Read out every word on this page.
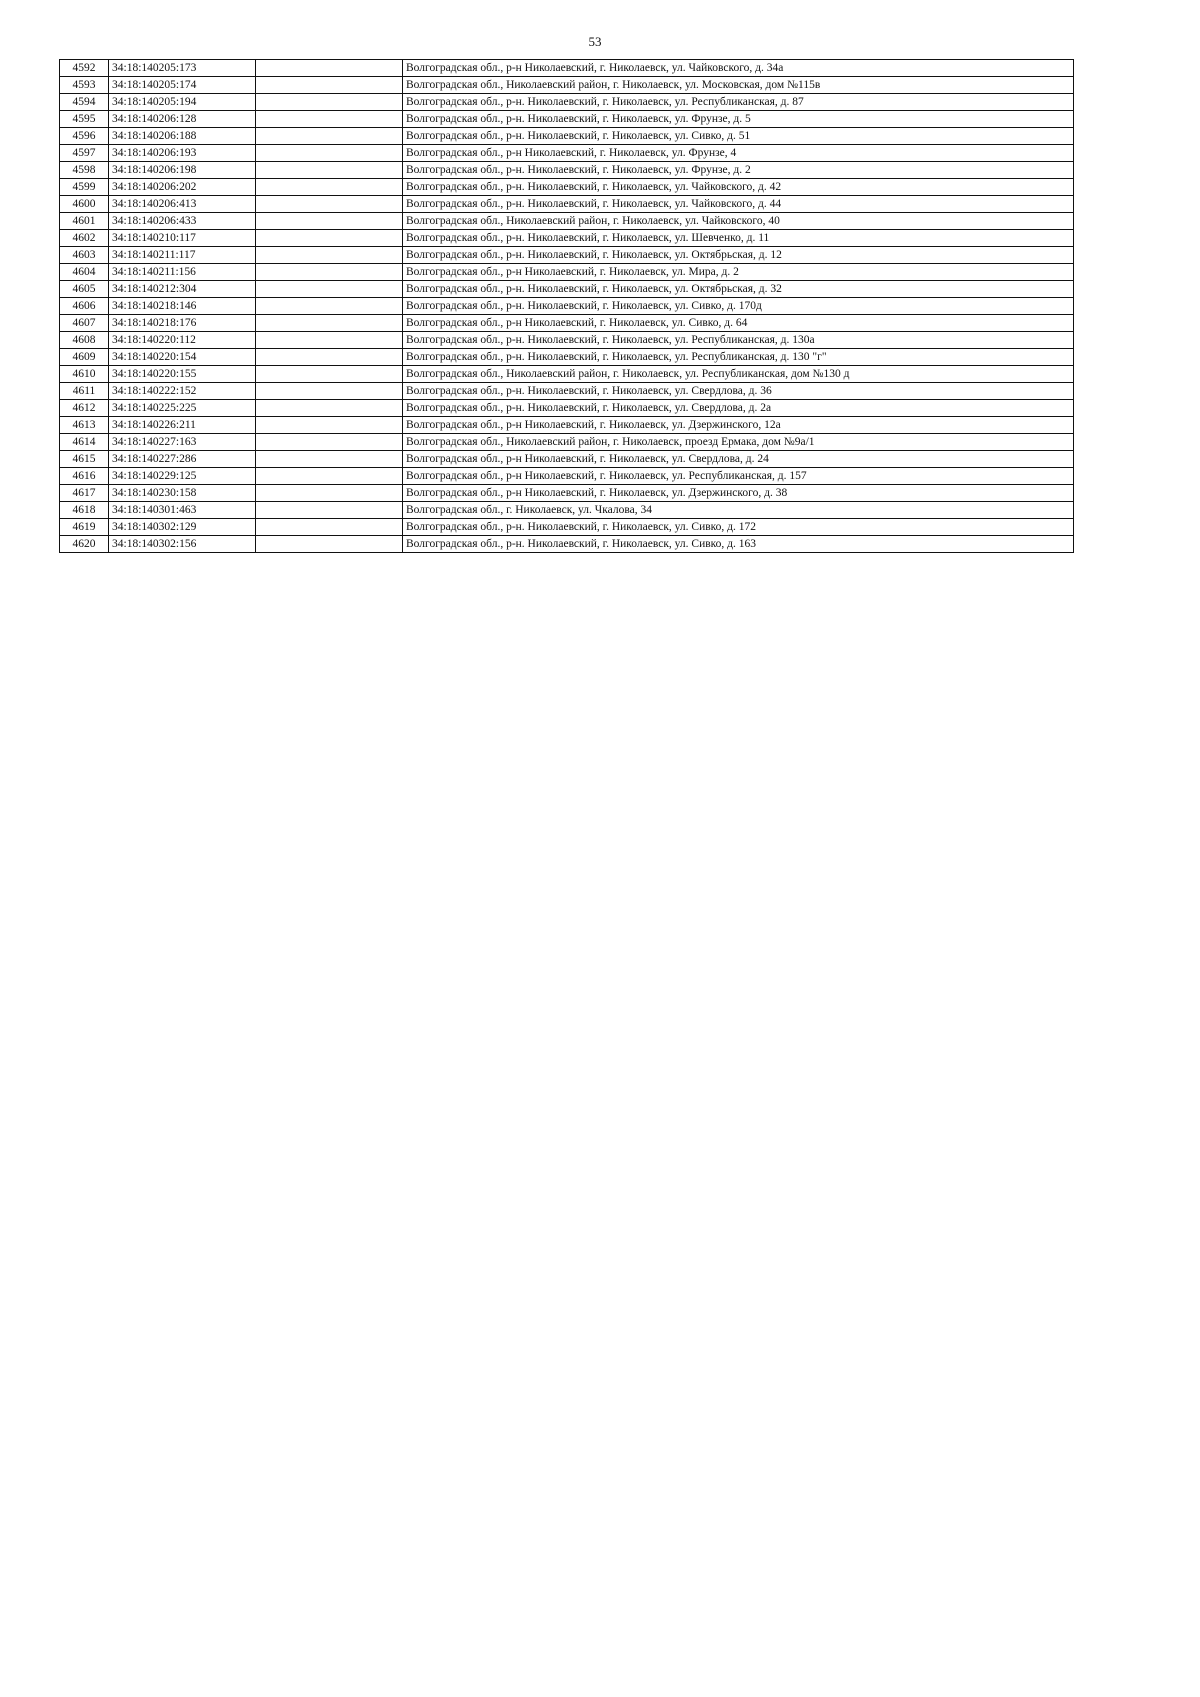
53
4592	34:18:140205:173		Волгоградская обл., р-н Николаевский, г. Николаевск, ул. Чайковского, д. 34а
4593	34:18:140205:174		Волгоградская обл., Николаевский район, г. Николаевск, ул. Московская, дом №115в
4594	34:18:140205:194		Волгоградская обл., р-н. Николаевский, г. Николаевск, ул. Республиканская, д. 87
4595	34:18:140206:128		Волгоградская обл., р-н. Николаевский, г. Николаевск, ул. Фрунзе, д. 5
4596	34:18:140206:188		Волгоградская обл., р-н. Николаевский, г. Николаевск, ул. Сивко, д. 51
4597	34:18:140206:193		Волгоградская обл., р-н Николаевский, г. Николаевск, ул. Фрунзе, 4
4598	34:18:140206:198		Волгоградская обл., р-н. Николаевский, г. Николаевск, ул. Фрунзе, д. 2
4599	34:18:140206:202		Волгоградская обл., р-н. Николаевский, г. Николаевск, ул. Чайковского, д. 42
4600	34:18:140206:413		Волгоградская обл., р-н. Николаевский, г. Николаевск, ул. Чайковского, д. 44
4601	34:18:140206:433		Волгоградская обл., Николаевский район, г. Николаевск, ул. Чайковского, 40
4602	34:18:140210:117		Волгоградская обл., р-н. Николаевский, г. Николаевск, ул. Шевченко, д. 11
4603	34:18:140211:117		Волгоградская обл., р-н. Николаевский, г. Николаевск, ул. Октябрьская, д. 12
4604	34:18:140211:156		Волгоградская обл., р-н Николаевский, г. Николаевск, ул. Мира, д. 2
4605	34:18:140212:304		Волгоградская обл., р-н. Николаевский, г. Николаевск, ул. Октябрьская, д. 32
4606	34:18:140218:146		Волгоградская обл., р-н. Николаевский, г. Николаевск, ул. Сивко, д. 170д
4607	34:18:140218:176		Волгоградская обл., р-н Николаевский, г. Николаевск, ул. Сивко, д. 64
4608	34:18:140220:112		Волгоградская обл., р-н. Николаевский, г. Николаевск, ул. Республиканская, д. 130а
4609	34:18:140220:154		Волгоградская обл., р-н. Николаевский, г. Николаевск, ул. Республиканская, д. 130 "г"
4610	34:18:140220:155		Волгоградская обл., Николаевский район, г. Николаевск, ул. Республиканская, дом №130 д
4611	34:18:140222:152		Волгоградская обл., р-н. Николаевский, г. Николаевск, ул. Свердлова, д. 36
4612	34:18:140225:225		Волгоградская обл., р-н. Николаевский, г. Николаевск, ул. Свердлова, д. 2а
4613	34:18:140226:211		Волгоградская обл., р-н Николаевский, г. Николаевск, ул. Дзержинского, 12а
4614	34:18:140227:163		Волгоградская обл., Николаевский район, г. Николаевск, проезд Ермака, дом №9а/1
4615	34:18:140227:286		Волгоградская обл., р-н Николаевский, г. Николаевск, ул. Свердлова, д. 24
4616	34:18:140229:125		Волгоградская обл., р-н Николаевский, г. Николаевск, ул. Республиканская, д. 157
4617	34:18:140230:158		Волгоградская обл., р-н Николаевский, г. Николаевск, ул. Дзержинского, д. 38
4618	34:18:140301:463		Волгоградская обл., г. Николаевск, ул. Чкалова, 34
4619	34:18:140302:129		Волгоградская обл., р-н. Николаевский, г. Николаевск, ул. Сивко, д. 172
4620	34:18:140302:156		Волгоградская обл., р-н. Николаевский, г. Николаевск, ул. Сивко, д. 163
